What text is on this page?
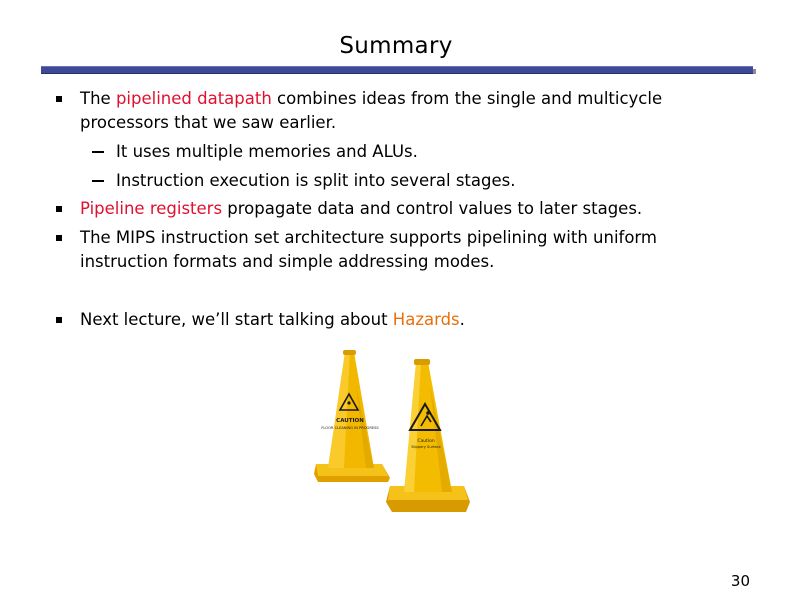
Summary
The pipelined datapath combines ideas from the single and multicycle
processors that we saw earlier.
It uses multiple memories and ALUs.
Instruction execution is split into several stages.
Pipeline registers propagate data and control values to later stages.
The MIPS instruction set architecture supports pipelining with uniform
instruction formats and simple addressing modes.
Next lecture, we’ll start talking about Hazards.
CAUTION
FLOOR CLEANING IN PROGRESS
Caution
Slippery Surface
30
